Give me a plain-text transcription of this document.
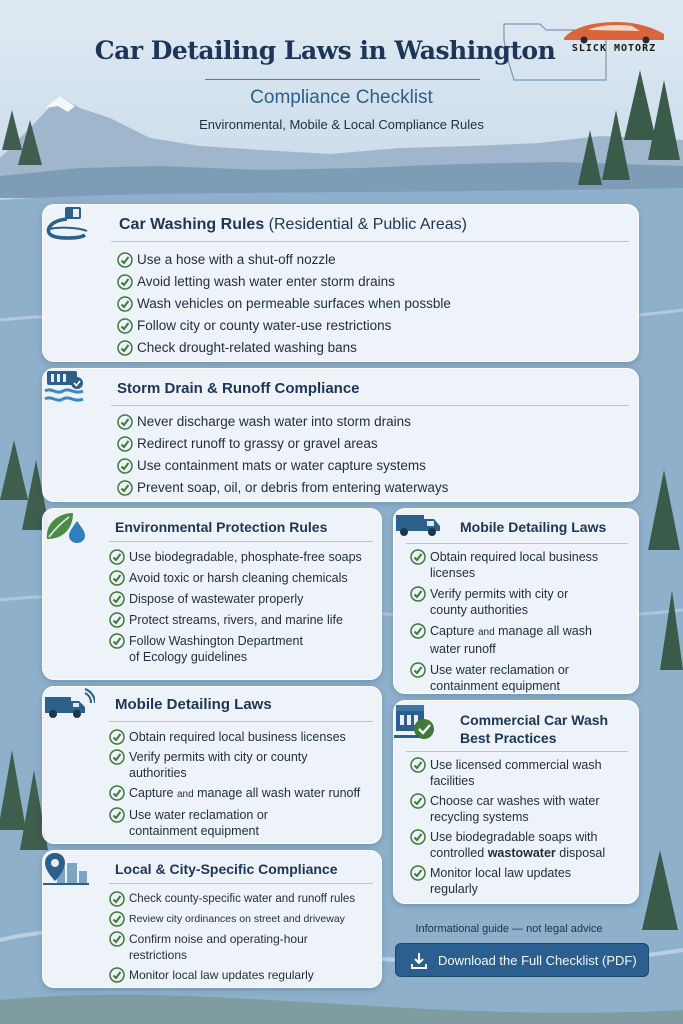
Car Detailing Laws in Washington
Compliance Checklist
Environmental, Mobile & Local Compliance Rules
SLICK MOTORZ
Car Washing Rules (Residential & Public Areas)
Use a hose with a shut-off nozzle
Avoid letting wash water enter storm drains
Wash vehicles on permeable surfaces when possble
Follow city or county water-use restrictions
Check drought-related washing bans
Storm Drain & Runoff Compliance
Never discharge wash water into storm drains
Redirect runoff to grassy or gravel areas
Use containment mats or water capture systems
Prevent soap, oil, or debris from entering waterways
Environmental Protection Rules
Use biodegradable, phosphate-free soaps
Avoid toxic or harsh cleaning chemicals
Dispose of wastewater properly
Protect streams, rivers, and marine life
Follow Washington Department
of Ecology guidelines
Mobile Detailing Laws
Obtain required local business
licenses
Verify permits with city or
county authorities
Capture and manage all wash
water runoff
Use water reclamation or
containment equipment
Mobile Detailing Laws
Obtain required local business licenses
Verify permits with city or county
authorities
Capture and manage all wash water runoff
Use water reclamation or
containment equipment
Commercial Car Wash
Best Practices
Use licensed commercial wash
facilities
Choose car washes with water
recycling systems
Use biodegradable soaps with
controlled wastowater disposal
Monitor local law updates
regularly
Local & City-Specific Compliance
Check county-specific water and runoff rules
Review city ordinances on street and driveway
Confirm noise and operating-hour
restrictions
Monitor local law updates regularly
Informational guide — not legal advice
Download the Full Checklist (PDF)
